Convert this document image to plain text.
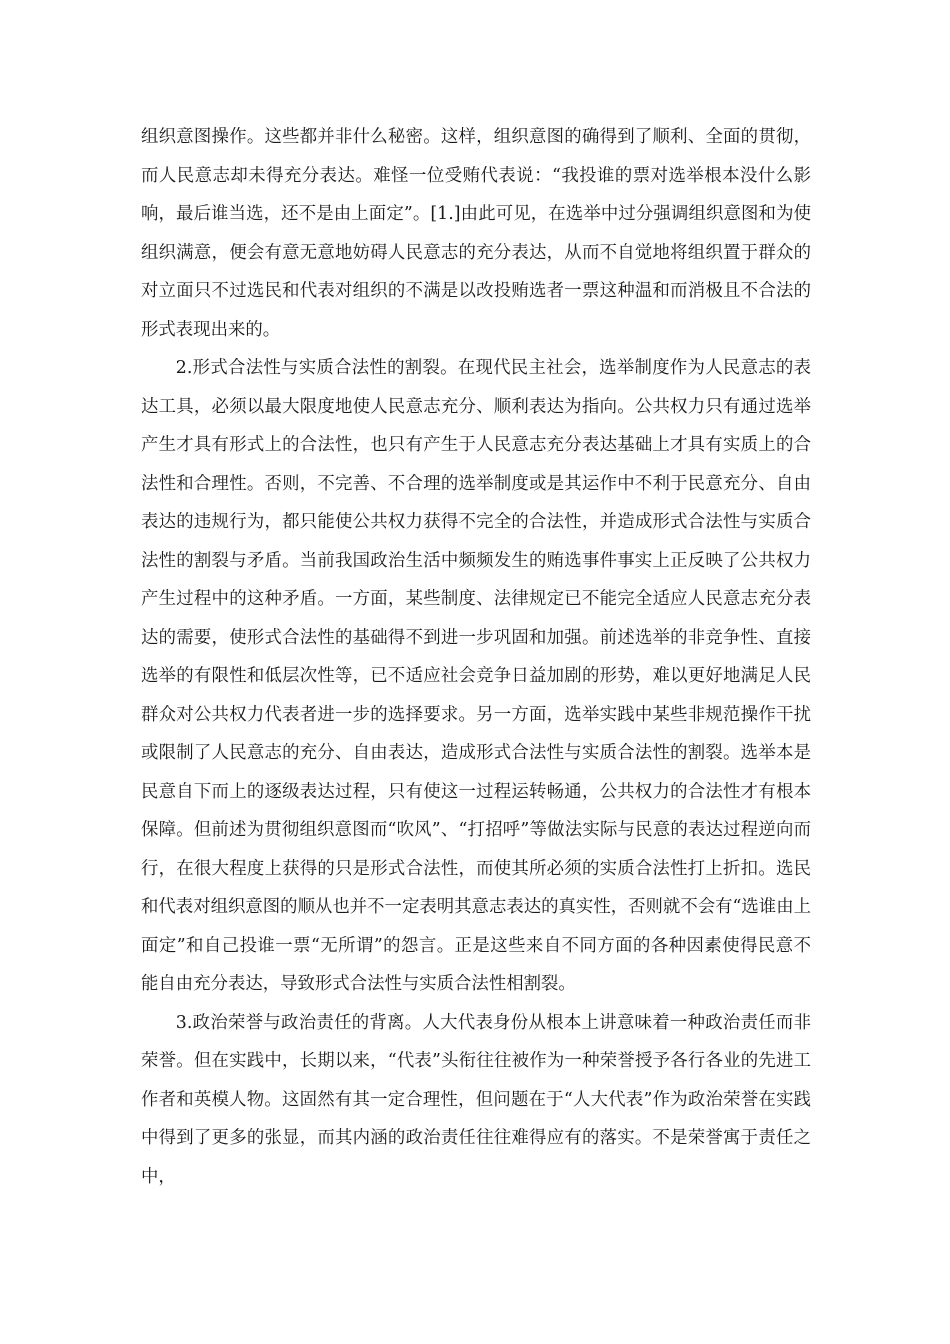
组织意图操作。这些都并非什么秘密。这样，组织意图的确得到了顺利、全面的贯彻，而人民意志却未得充分表达。难怪一位受贿代表说：“我投谁的票对选举根本没什么影响，最后谁当选，还不是由上面定”。[1.]由此可见，在选举中过分强调组织意图和为使组织满意，便会有意无意地妨碍人民意志的充分表达，从而不自觉地将组织置于群众的对立面只不过选民和代表对组织的不满是以改投贿选者一票这种温和而消极且不合法的形式表现出来的。

2.形式合法性与实质合法性的割裂。在现代民主社会，选举制度作为人民意志的表达工具，必须以最大限度地使人民意志充分、顺利表达为指向。公共权力只有通过选举产生才具有形式上的合法性，也只有产生于人民意志充分表达基础上才具有实质上的合法性和合理性。否则，不完善、不合理的选举制度或是其运作中不利于民意充分、自由表达的违规行为，都只能使公共权力获得不完全的合法性，并造成形式合法性与实质合法性的割裂与矛盾。当前我国政治生活中频频发生的贿选事件事实上正反映了公共权力产生过程中的这种矛盾。一方面，某些制度、法律规定已不能完全适应人民意志充分表达的需要，使形式合法性的基础得不到进一步巩固和加强。前述选举的非竞争性、直接选举的有限性和低层次性等，已不适应社会竞争日益加剧的形势，难以更好地满足人民群众对公共权力代表者进一步的选择要求。另一方面，选举实践中某些非规范操作干扰或限制了人民意志的充分、自由表达，造成形式合法性与实质合法性的割裂。选举本是民意自下而上的逐级表达过程，只有使这一过程运转畅通，公共权力的合法性才有根本保障。但前述为贯彻组织意图而“吹风”、“打招呼”等做法实际与民意的表达过程逆向而行，在很大程度上获得的只是形式合法性，而使其所必须的实质合法性打上折扣。选民和代表对组织意图的顺从也并不一定表明其意志表达的真实性，否则就不会有“选谁由上面定”和自己投谁一票“无所谓”的怨言。正是这些来自不同方面的各种因素使得民意不能自由充分表达，导致形式合法性与实质合法性相割裂。

3.政治荣誉与政治责任的背离。人大代表身份从根本上讲意味着一种政治责任而非荣誉。但在实践中，长期以来，“代表”头衔往往被作为一种荣誉授予各行各业的先进工作者和英模人物。这固然有其一定合理性，但问题在于“人大代表”作为政治荣誉在实践中得到了更多的张显，而其内涵的政治责任往往难得应有的落实。不是荣誉寓于责任之中，
